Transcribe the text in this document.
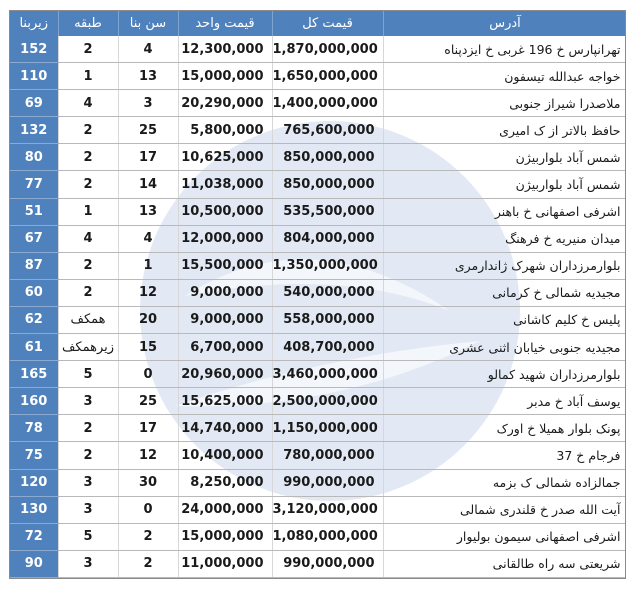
زیربنا	طبقه	سن بنا	قیمت واحد	قیمت کل	آدرس
152	2	4	12,300,000	1,870,000,000	تهرانپارس خ 196 غربی خ ایزدپناه
110	1	13	15,000,000	1,650,000,000	خواجه عبدالله تیسفون
69	4	3	20,290,000	1,400,000,000	ملاصدرا شیراز جنوبی
132	2	25	5,800,000	765,600,000	حافظ بالاتر از ک امیری
80	2	17	10,625,000	850,000,000	شمس آباد بلواربیژن
77	2	14	11,038,000	850,000,000	شمس آباد بلواربیژن
51	1	13	10,500,000	535,500,000	اشرفی اصفهانی خ باهنر
67	4	4	12,000,000	804,000,000	میدان منیریه خ فرهنگ
87	2	1	15,500,000	1,350,000,000	بلوارمرزداران شهرک ژاندارمری
60	2	12	9,000,000	540,000,000	مجیدیه شمالی خ کرمانی
62	همکف	20	9,000,000	558,000,000	پلیس خ کلیم کاشانی
61	زیرهمکف	15	6,700,000	408,700,000	مجیدیه جنوبی خیابان اثنی عشری
165	5	0	20,960,000	3,460,000,000	بلوارمرزداران شهید کمالو
160	3	25	15,625,000	2,500,000,000	یوسف آباد خ مدبر
78	2	17	14,740,000	1,150,000,000	پونک بلوار همیلا خ اورک
75	2	12	10,400,000	780,000,000	فرجام خ 37
120	3	30	8,250,000	990,000,000	جمالزاده شمالی ک بزمه
130	3	0	24,000,000	3,120,000,000	آیت الله صدر خ قلندری شمالی
72	5	2	15,000,000	1,080,000,000	اشرفی اصفهانی سیمون بولیوار
90	3	2	11,000,000	990,000,000	شریعتی سه راه طالقانی
